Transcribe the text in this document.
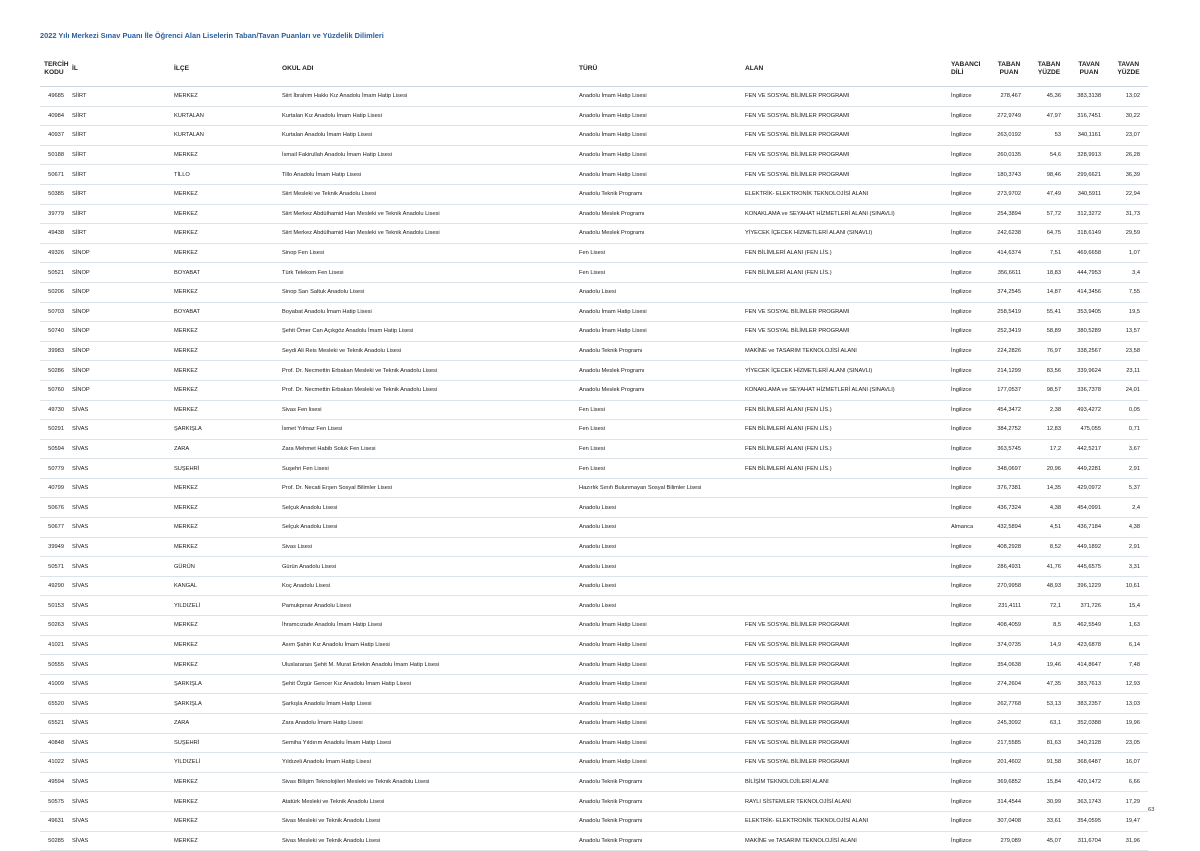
2022 Yılı Merkezi Sınav Puanı İle Öğrenci Alan Liselerin Taban/Tavan Puanları ve Yüzdelik Dilimleri
TERCİH KODU	İL	İLÇE	OKUL ADI	TÜRÜ	ALAN	YABANCI DİLİ	TABAN PUAN	TABAN YÜZDE	TAVAN PUAN	TAVAN YÜZDE
49685	SİİRT	MERKEZ	Siirt İbrahim Hakkı Kız Anadolu İmam Hatip Lisesi	Anadolu İmam Hatip Lisesi	FEN VE SOSYAL BİLİMLER PROGRAMI	İngilizce	278,467	45,36	383,3138	13,02
40984	SİİRT	KURTALAN	Kurtalan Kız Anadolu İmam Hatip Lisesi	Anadolu İmam Hatip Lisesi	FEN VE SOSYAL BİLİMLER PROGRAMI	İngilizce	272,9749	47,97	316,7451	30,22
40937	SİİRT	KURTALAN	Kurtalan Anadolu İmam Hatip Lisesi	Anadolu İmam Hatip Lisesi	FEN VE SOSYAL BİLİMLER PROGRAMI	İngilizce	263,0192	53	340,1161	23,07
50188	SİİRT	MERKEZ	İsmail Fakirullah Anadolu İmam Hatip Lisesi	Anadolu İmam Hatip Lisesi	FEN VE SOSYAL BİLİMLER PROGRAMI	İngilizce	260,0135	54,6	328,9913	26,28
50671	SİİRT	TİLLO	Tillo Anadolu İmam Hatip Lisesi	Anadolu İmam Hatip Lisesi	FEN VE SOSYAL BİLİMLER PROGRAMI	İngilizce	180,3743	98,46	299,6621	36,39
50385	SİİRT	MERKEZ	Siirt Mesleki ve Teknik Anadolu Lisesi	Anadolu Teknik Programı	ELEKTRİK- ELEKTRONİK TEKNOLOJİSİ ALANI	İngilizce	273,9702	47,49	340,5911	22,94
39779	SİİRT	MERKEZ	Siirt Merkez Abdülhamid Han Mesleki ve Teknik Anadolu Lisesi	Anadolu Meslek Programı	KONAKLAMA ve SEYAHAT HİZMETLERİ ALANI (SINAVLI)	İngilizce	254,3894	57,72	312,3272	31,73
49438	SİİRT	MERKEZ	Siirt Merkez Abdülhamid Han Mesleki ve Teknik Anadolu Lisesi	Anadolu Meslek Programı	YİYECEK İÇECEK HİZMETLERİ ALANI (SINAVLI)	İngilizce	242,6238	64,75	318,6149	29,59
49326	SİNOP	MERKEZ	Sinop Fen Lisesi	Fen Lisesi	FEN BİLİMLERİ ALANI (FEN LİS.)	İngilizce	414,6374	7,51	469,6658	1,07
50521	SİNOP	BOYABAT	Türk Telekom Fen Lisesi	Fen Lisesi	FEN BİLİMLERİ ALANI (FEN LİS.)	İngilizce	356,6611	18,83	444,7953	3,4
50206	SİNOP	MERKEZ	Sinop Sarı Saltuk Anadolu Lisesi	Anadolu Lisesi		İngilizce	374,2545	14,87	414,3456	7,55
50703	SİNOP	BOYABAT	Boyabat Anadolu İmam Hatip Lisesi	Anadolu İmam Hatip Lisesi	FEN VE SOSYAL BİLİMLER PROGRAMI	İngilizce	258,5419	55,41	353,9405	19,5
50740	SİNOP	MERKEZ	Şehit Ömer Can Açıkgöz Anadolu İmam Hatip Lisesi	Anadolu İmam Hatip Lisesi	FEN VE SOSYAL BİLİMLER PROGRAMI	İngilizce	252,3419	58,89	380,5289	13,57
39983	SİNOP	MERKEZ	Seydi Ali Reis Mesleki ve Teknik Anadolu Lisesi	Anadolu Teknik Programı	MAKİNE ve TASARIM TEKNOLOJİSİ ALANI	İngilizce	224,2826	76,97	338,2567	23,58
50286	SİNOP	MERKEZ	Prof. Dr. Necmettin Erbakan Mesleki ve Teknik Anadolu Lisesi	Anadolu Meslek Programı	YİYECEK İÇECEK HİZMETLERİ ALANI (SINAVLI)	İngilizce	214,1299	83,56	339,9624	23,11
50760	SİNOP	MERKEZ	Prof. Dr. Necmettin Erbakan Mesleki ve Teknik Anadolu Lisesi	Anadolu Meslek Programı	KONAKLAMA ve SEYAHAT HİZMETLERİ ALANI (SINAVLI)	İngilizce	177,0537	98,57	336,7378	24,01
49730	SİVAS	MERKEZ	Sivas Fen lisesi	Fen Lisesi	FEN BİLİMLERİ ALANI (FEN LİS.)	İngilizce	454,3472	2,38	493,4272	0,05
50291	SİVAS	ŞARKIŞLA	İsmet Yılmaz Fen Lisesi	Fen Lisesi	FEN BİLİMLERİ ALANI (FEN LİS.)	İngilizce	384,2752	12,83	475,055	0,71
50594	SİVAS	ZARA	Zara Mehmet Habib Soluk Fen Lisesi	Fen Lisesi	FEN BİLİMLERİ ALANI (FEN LİS.)	İngilizce	363,5745	17,2	442,5217	3,67
50779	SİVAS	SUŞEHRİ	Suşehri Fen Lisesi	Fen Lisesi	FEN BİLİMLERİ ALANI (FEN LİS.)	İngilizce	348,0697	20,96	449,2281	2,91
40799	SİVAS	MERKEZ	Prof. Dr. Necati Erşen Sosyal Bilimler Lisesi	Hazırlık Sınıfı Bulunmayan Sosyal Bilimler Lisesi		İngilizce	376,7381	14,35	429,0972	5,37
50676	SİVAS	MERKEZ	Selçuk Anadolu Lisesi	Anadolu Lisesi		İngilizce	436,7324	4,38	454,0991	2,4
50677	SİVAS	MERKEZ	Selçuk Anadolu Lisesi	Anadolu Lisesi		Almanca	432,5894	4,51	436,7184	4,38
39949	SİVAS	MERKEZ	Sivas Lisesi	Anadolu Lisesi		İngilizce	408,2928	8,52	449,1892	2,91
50571	SİVAS	GÜRÜN	Gürün Anadolu Lisesi	Anadolu Lisesi		İngilizce	286,4931	41,76	445,6575	3,31
49290	SİVAS	KANGAL	Koç Anadolu Lisesi	Anadolu Lisesi		İngilizce	270,9958	48,93	396,1229	10,61
50153	SİVAS	YILDIZELİ	Pamukpınar Anadolu Lisesi	Anadolu Lisesi		İngilizce	231,4111	72,1	371,726	15,4
50263	SİVAS	MERKEZ	İhramcızade Anadolu İmam Hatip Lisesi	Anadolu İmam Hatip Lisesi	FEN VE SOSYAL BİLİMLER PROGRAMI	İngilizce	408,4059	8,5	462,5549	1,63
41021	SİVAS	MERKEZ	Asım Şahin Kız Anadolu İmam Hatip Lisesi	Anadolu İmam Hatip Lisesi	FEN VE SOSYAL BİLİMLER PROGRAMI	İngilizce	374,0735	14,9	423,6878	6,14
50555	SİVAS	MERKEZ	Uluslararası Şehit M. Murat Ertekin Anadolu İmam Hatip Lisesi	Anadolu İmam Hatip Lisesi	FEN VE SOSYAL BİLİMLER PROGRAMI	İngilizce	354,0638	19,46	414,8647	7,48
41009	SİVAS	ŞARKIŞLA	Şehit Özgür Gencer Kız Anadolu İmam Hatip Lisesi	Anadolu İmam Hatip Lisesi	FEN VE SOSYAL BİLİMLER PROGRAMI	İngilizce	274,2604	47,35	383,7613	12,93
65520	SİVAS	ŞARKIŞLA	Şarkışla Anadolu İmam Hatip Lisesi	Anadolu İmam Hatip Lisesi	FEN VE SOSYAL BİLİMLER PROGRAMI	İngilizce	262,7768	53,13	383,2357	13,03
65521	SİVAS	ZARA	Zara Anadolu İmam Hatip Lisesi	Anadolu İmam Hatip Lisesi	FEN VE SOSYAL BİLİMLER PROGRAMI	İngilizce	245,3092	63,1	352,0388	19,96
40848	SİVAS	SUŞEHRİ	Semiha Yıldırım Anadolu İmam Hatip Lisesi	Anadolu İmam Hatip Lisesi	FEN VE SOSYAL BİLİMLER PROGRAMI	İngilizce	217,5585	81,63	340,2128	23,05
41022	SİVAS	YILDIZELİ	Yıldızeli Anadolu İmam Hatip Lisesi	Anadolu İmam Hatip Lisesi	FEN VE SOSYAL BİLİMLER PROGRAMI	İngilizce	201,4602	91,58	368,6487	16,07
49594	SİVAS	MERKEZ	Sivas Bilişim Teknolojileri Mesleki ve Teknik Anadolu Lisesi	Anadolu Teknik Programı	BİLİŞİM TEKNOLOJİLERİ ALANI	İngilizce	369,6852	15,84	420,1472	6,66
50575	SİVAS	MERKEZ	Atatürk Mesleki ve Teknik Anadolu Lisesi	Anadolu Teknik Programı	RAYLI SİSTEMLER TEKNOLOJİSİ ALANI	İngilizce	314,4544	30,99	363,1743	17,29
49631	SİVAS	MERKEZ	Sivas Mesleki ve Teknik Anadolu Lisesi	Anadolu Teknik Programı	ELEKTRİK- ELEKTRONİK TEKNOLOJİSİ ALANI	İngilizce	307,0408	33,61	354,0595	19,47
50285	SİVAS	MERKEZ	Sivas Mesleki ve Teknik Anadolu Lisesi	Anadolu Teknik Programı	MAKİNE ve TASARIM TEKNOLOJİSİ ALANI	İngilizce	279,089	45,07	311,6704	31,96
63
